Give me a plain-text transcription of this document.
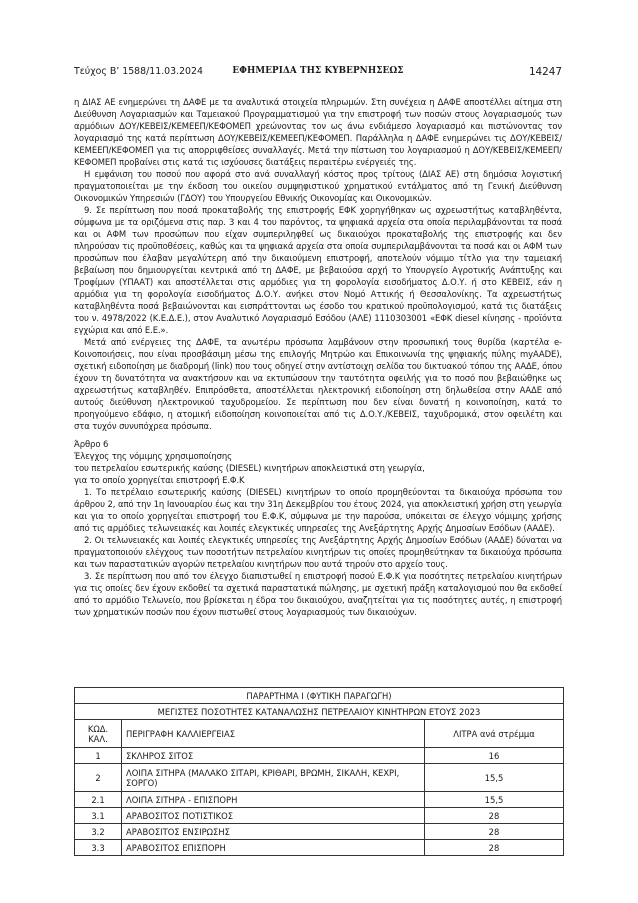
Τεύχος Β’ 1588/11.03.2024	ΕΦΗΜΕΡΙΔΑ ΤΗΣ ΚΥΒΕΡΝΗΣΕΩΣ	14247

η ΔΙΑΣ ΑΕ ενημερώνει τη ΔΑΦΕ με τα αναλυτικά στοιχεία πληρωμών. Στη συνέχεια η ΔΑΦΕ αποστέλλει αίτημα στη Διεύθυνση Λογαριασμών και Ταμειακού Προγραμματισμού για την επιστροφή των ποσών στους λογαριασμούς των αρμόδιων ΔΟΥ/ΚΕΒΕΙΣ/ΚΕΜΕΕΠ/ΚΕΦΟΜΕΠ χρεώνοντας τον ως άνω ενδιάμεσο λογαριασμό και πιστώνοντας τον λογαριασμό της κατά περίπτωση ΔΟΥ/ΚΕΒΕΙΣ/ΚΕΜΕΕΠ/ΚΕΦΟΜΕΠ. Παράλληλα η ΔΑΦΕ ενημερώνει τις ΔΟΥ/ΚΕΒΕΙΣ/ΚΕΜΕΕΠ/ΚΕΦΟΜΕΠ για τις απορριφθείσες συναλλαγές. Μετά την πίστωση του λογαριασμού η ΔΟΥ/ΚΕΒΕΙΣ/ΚΕΜΕΕΠ/ΚΕΦΟΜΕΠ προβαίνει στις κατά τις ισχύουσες διατάξεις περαιτέρω ενέργειές της.

Η εμφάνιση του ποσού που αφορά στο ανά συναλλαγή κόστος προς τρίτους (ΔΙΑΣ ΑΕ) στη δημόσια λογιστική πραγματοποιείται με την έκδοση του οικείου συμψηφιστικού χρηματικού εντάλματος από τη Γενική Διεύθυνση Οικονομικών Υπηρεσιών (ΓΔΟΥ) του Υπουργείου Εθνικής Οικονομίας και Οικονομικών.

9. Σε περίπτωση που ποσά προκαταβολής της επιστροφής ΕΦΚ χορηγήθηκαν ως αχρεωστήτως καταβληθέντα, σύμφωνα με τα οριζόμενα στις παρ. 3 και 4 του παρόντος, τα ψηφιακά αρχεία στα οποία περιλαμβάνονται τα ποσά και οι ΑΦΜ των προσώπων που είχαν συμπεριληφθεί ως δικαιούχοι προκαταβολής της επιστροφής και δεν πληρούσαν τις προϋποθέσεις, καθώς και τα ψηφιακά αρχεία στα οποία συμπεριλαμβάνονται τα ποσά και οι ΑΦΜ των προσώπων που έλαβαν μεγαλύτερη από την δικαιούμενη επιστροφή, αποτελούν νόμιμο τίτλο για την ταμειακή βεβαίωση που δημιουργείται κεντρικά από τη ΔΑΦΕ, με βεβαιούσα αρχή το Υπουργείο Αγροτικής Ανάπτυξης και Τροφίμων (ΥΠΑΑΤ) και αποστέλλεται στις αρμόδιες για τη φορολογία εισοδήματος Δ.Ο.Υ. ή στο ΚΕΒΕΙΣ, εάν η αρμόδια για τη φορολογία εισοδήματος Δ.Ο.Υ. ανήκει στον Νομό Αττικής ή Θεσσαλονίκης. Τα αχρεωστήτως καταβληθέντα ποσά βεβαιώνονται και εισπράττονται ως έσοδο του κρατικού προϋπολογισμού, κατά τις διατάξεις του ν. 4978/2022 (Κ.Ε.Δ.Ε.), στον Αναλυτικό Λογαριασμό Εσόδου (ΑΛΕ) 1110303001 «ΕΦΚ diesel κίνησης - προϊόντα εγχώρια και από Ε.Ε.».

Μετά από ενέργειες της ΔΑΦΕ, τα ανωτέρω πρόσωπα λαμβάνουν στην προσωπική τους θυρίδα (καρτέλα e-Κοινοποιήσεις, που είναι προσβάσιμη μέσω της επιλογής Μητρώο και Επικοινωνία της ψηφιακής πύλης myAADE), σχετική ειδοποίηση με διαδρομή (link) που τους οδηγεί στην αντίστοιχη σελίδα του δικτυακού τόπου της ΑΑΔΕ, όπου έχουν τη δυνατότητα να ανακτήσουν και να εκτυπώσουν την ταυτότητα οφειλής για το ποσό που βεβαιώθηκε ως αχρεωστήτως καταβληθέν. Επιπρόσθετα, αποστέλλεται ηλεκτρονική ειδοποίηση στη δηλωθείσα στην ΑΑΔΕ από αυτούς διεύθυνση ηλεκτρονικού ταχυδρομείου. Σε περίπτωση που δεν είναι δυνατή η κοινοποίηση, κατά το προηγούμενο εδάφιο, η ατομική ειδοποίηση κοινοποιείται από τις Δ.Ο.Υ./ΚΕΒΕΙΣ, ταχυδρομικά, στον οφειλέτη και στα τυχόν συνυπόχρεα πρόσωπα.

Άρθρο 6

Έλεγχος της νόμιμης χρησιμοποίησης

του πετρελαίου εσωτερικής καύσης (DIESEL) κινητήρων αποκλειστικά στη γεωργία,

για το οποίο χορηγείται επιστροφή Ε.Φ.Κ

1. Το πετρέλαιο εσωτερικής καύσης (DIESEL) κινητήρων το οποίο προμηθεύονται τα δικαιούχα πρόσωπα του άρθρου 2, από την 1η Ιανουαρίου έως και την 31η Δεκεμβρίου του έτους 2024, για αποκλειστική χρήση στη γεωργία και για το οποίο χορηγείται επιστροφή του Ε.Φ.Κ, σύμφωνα με την παρούσα, υπόκειται σε έλεγχο νόμιμης χρήσης από τις αρμόδιες τελωνειακές και λοιπές ελεγκτικές υπηρεσίες της Ανεξάρτητης Αρχής Δημοσίων Εσόδων (ΑΑΔΕ).

2. Οι τελωνειακές και λοιπές ελεγκτικές υπηρεσίες της Ανεξάρτητης Αρχής Δημοσίων Εσόδων (ΑΑΔΕ) δύναται να πραγματοποιούν ελέγχους των ποσοτήτων πετρελαίου κινητήρων τις οποίες προμηθεύτηκαν τα δικαιούχα πρόσωπα και των παραστατικών αγορών πετρελαίου κινητήρων που αυτά τηρούν στο αρχείο τους.

3. Σε περίπτωση που από τον έλεγχο διαπιστωθεί η επιστροφή ποσού Ε.Φ.Κ για ποσότητες πετρελαίου κινητήρων για τις οποίες δεν έχουν εκδοθεί τα σχετικά παραστατικά πώλησης, με σχετική πράξη καταλογισμού που θα εκδοθεί από το αρμόδιο Τελωνείο, που βρίσκεται η έδρα του δικαιούχου, αναζητείται για τις ποσότητες αυτές, η επιστροφή των χρηματικών ποσών που έχουν πιστωθεί στους λογαριασμούς των δικαιούχων.

ΠΑΡΑΡΤΗΜΑ Ι (ΦΥΤΙΚΗ ΠΑΡΑΓΩΓΗ)		
ΜΕΓΙΣΤΕΣ ΠΟΣΟΤΗΤΕΣ ΚΑΤΑΝΑΛΩΣΗΣ ΠΕΤΡΕΛΑΙΟΥ ΚΙΝΗΤΗΡΩΝ ΕΤΟΥΣ 2023		
ΚΩΔ. ΚΑΛ.	ΠΕΡΙΓΡΑΦΗ ΚΑΛΛΙΕΡΓΕΙΑΣ	ΛΙΤΡΑ ανά στρέμμα
1	ΣΚΛΗΡΟΣ ΣΙΤΟΣ	16
2	ΛΟΙΠΑ ΣΙΤΗΡΑ (ΜΑΛΑΚΟ ΣΙΤΑΡΙ, ΚΡΙΘΑΡΙ, ΒΡΩΜΗ, ΣΙΚΑΛΗ, ΚΕΧΡΙ, ΣΟΡΓΟ)	15,5
2.1	ΛΟΙΠΑ ΣΙΤΗΡΑ - ΕΠΙΣΠΟΡΗ	15,5
3.1	ΑΡΑΒΟΣΙΤΟΣ ΠΟΤΙΣΤΙΚΟΣ	28
3.2	ΑΡΑΒΟΣΙΤΟΣ ΕΝΣΙΡΩΣΗΣ	28
3.3	ΑΡΑΒΟΣΙΤΟΣ ΕΠΙΣΠΟΡΗ	28
